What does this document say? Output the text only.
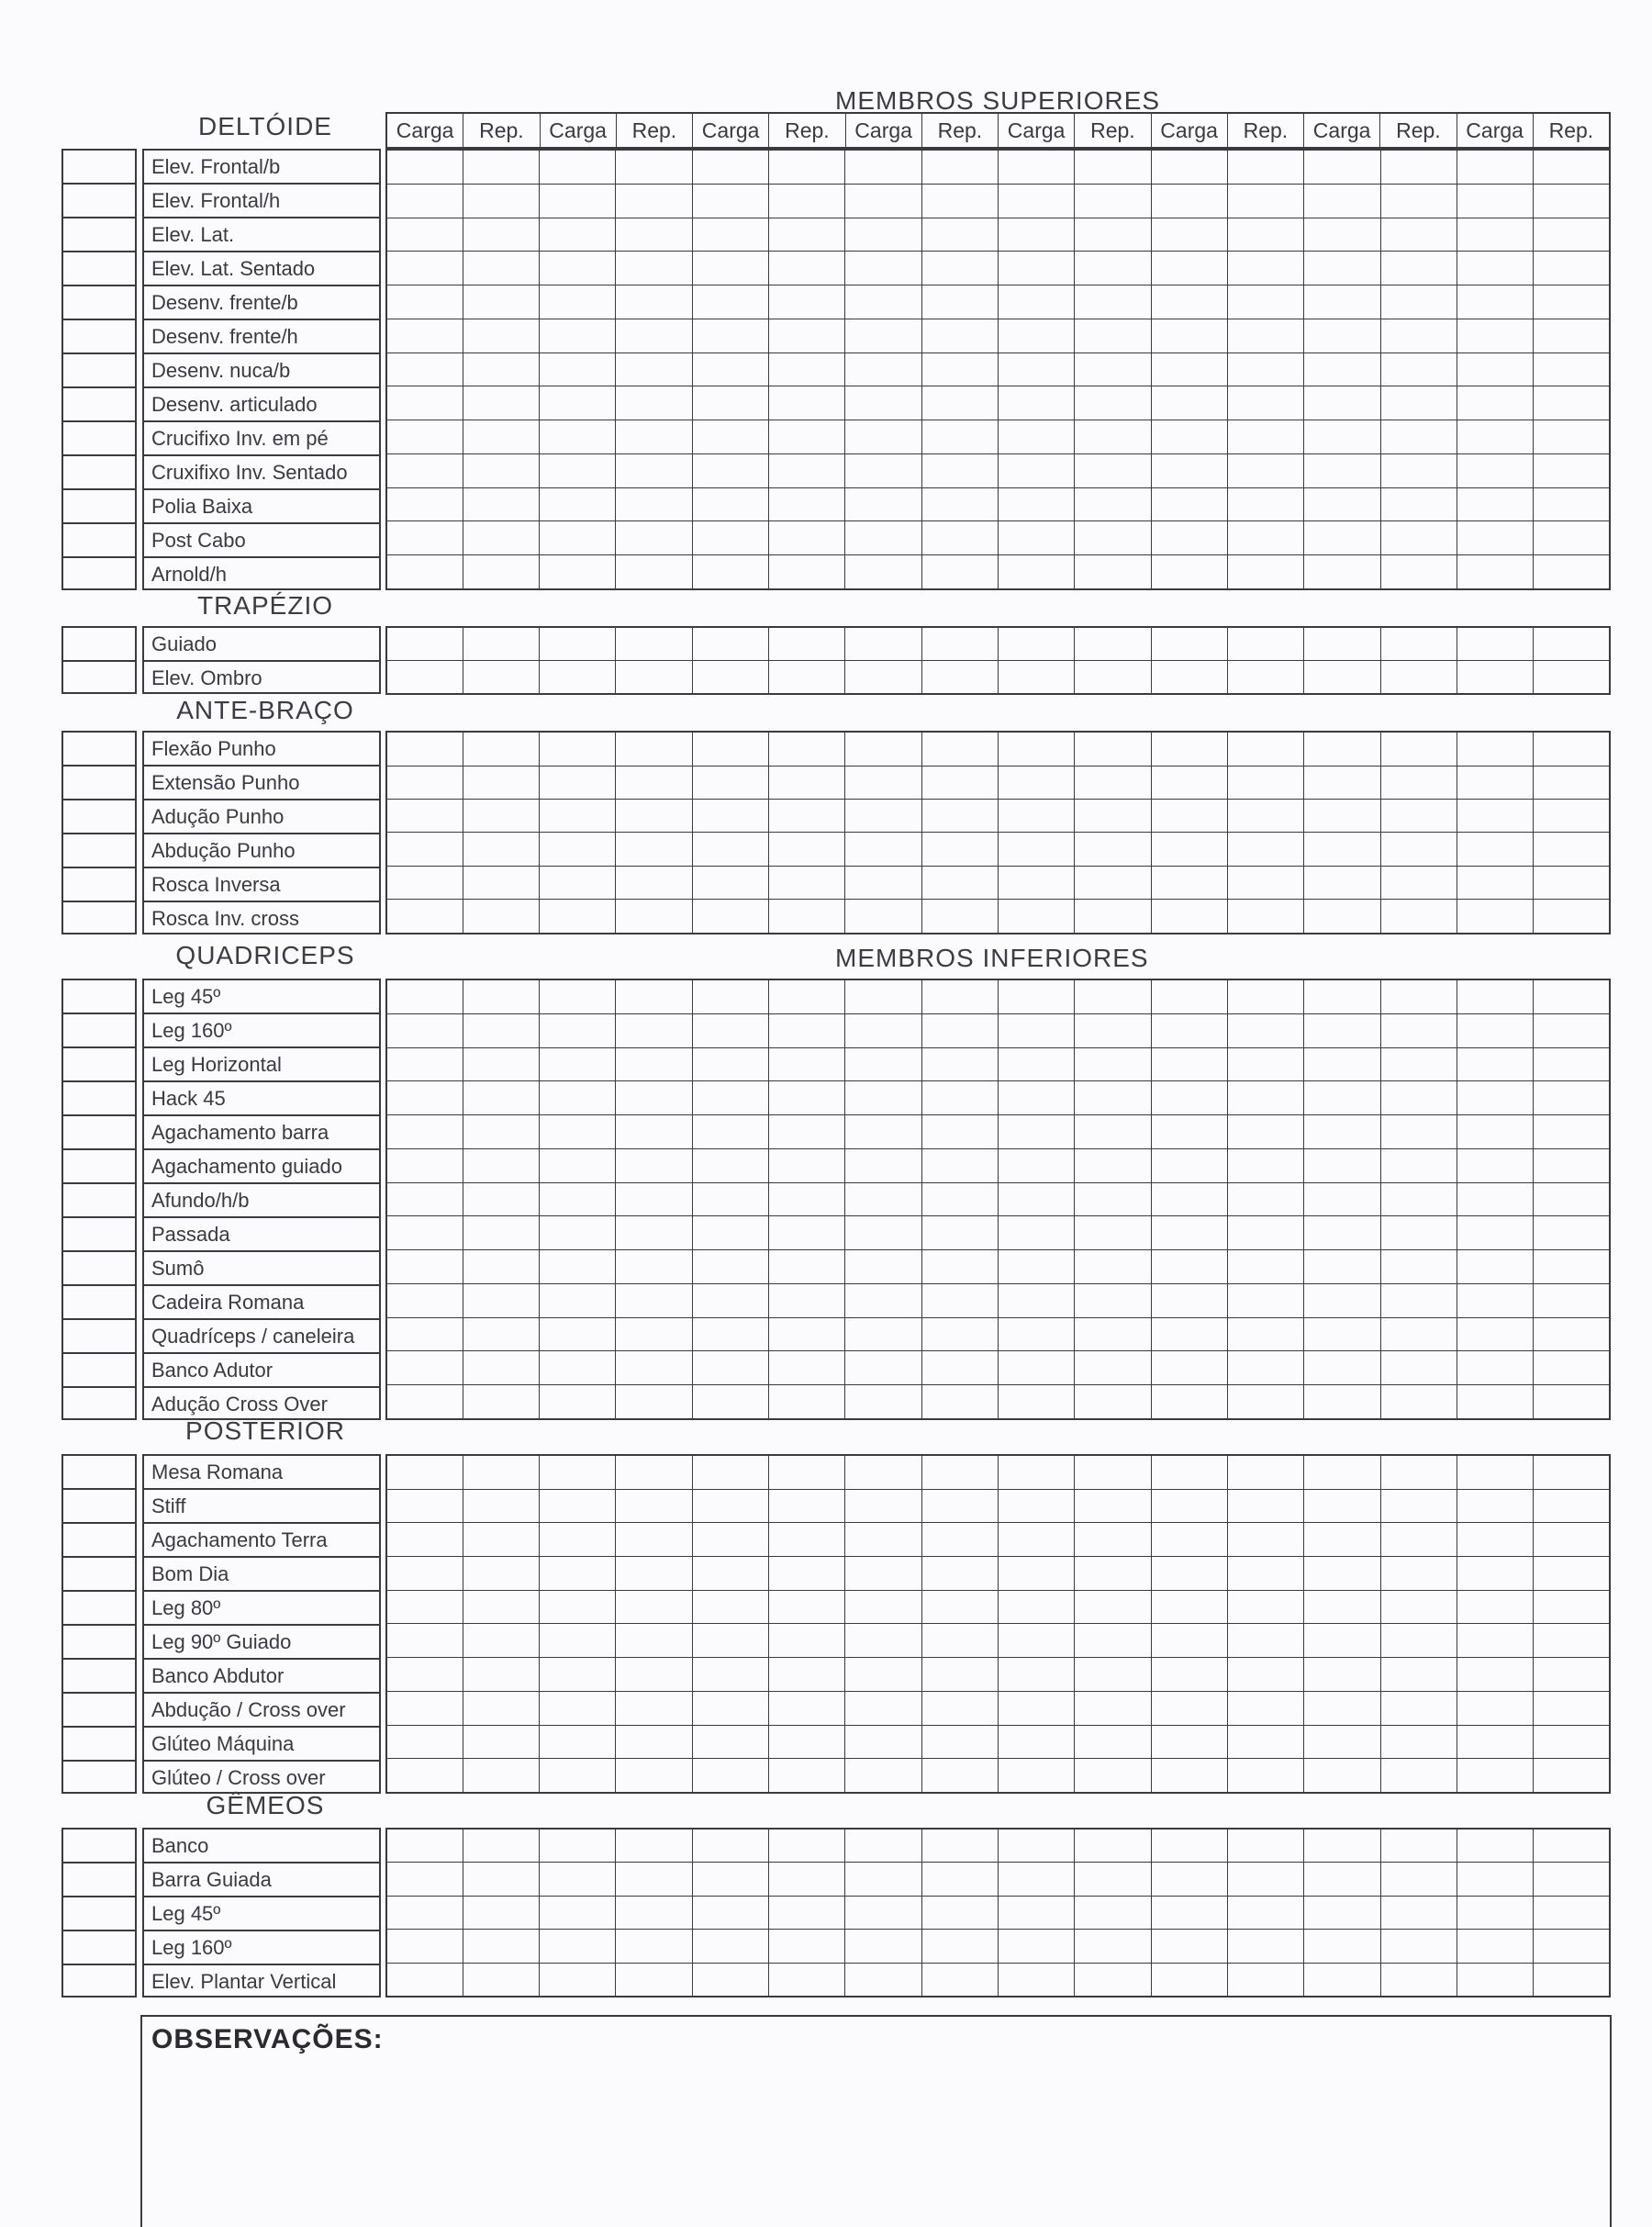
MEMBROS SUPERIORES
MEMBROS INFERIORES
Carga	Rep.	Carga	Rep.	Carga	Rep.	Carga	Rep.	Carga	Rep.	Carga	Rep.	Carga	Rep.	Carga	Rep.
DELTÓIDE
Elev. Frontal/b
Elev. Frontal/h
Elev. Lat.
Elev. Lat. Sentado
Desenv. frente/b
Desenv. frente/h
Desenv. nuca/b
Desenv. articulado
Crucifixo Inv. em pé
Cruxifixo Inv. Sentado
Polia Baixa
Post Cabo
Arnold/h

TRAPÉZIO
Guiado
Elev. Ombro

ANTE-BRAÇO
Flexão Punho
Extensão Punho
Adução Punho
Abdução Punho
Rosca Inversa
Rosca Inv. cross

QUADRICEPS
Leg 45º
Leg 160º
Leg Horizontal
Hack 45
Agachamento barra
Agachamento guiado
Afundo/h/b
Passada
Sumô
Cadeira Romana
Quadríceps / caneleira
Banco Adutor
Adução Cross Over

POSTERIOR
Mesa Romana
Stiff
Agachamento Terra
Bom Dia
Leg 80º
Leg 90º Guiado
Banco Abdutor
Abdução / Cross over
Glúteo Máquina
Glúteo / Cross over

GÊMEOS
Banco
Barra Guiada
Leg 45º
Leg 160º
Elev. Plantar Vertical

OBSERVAÇÕES:
